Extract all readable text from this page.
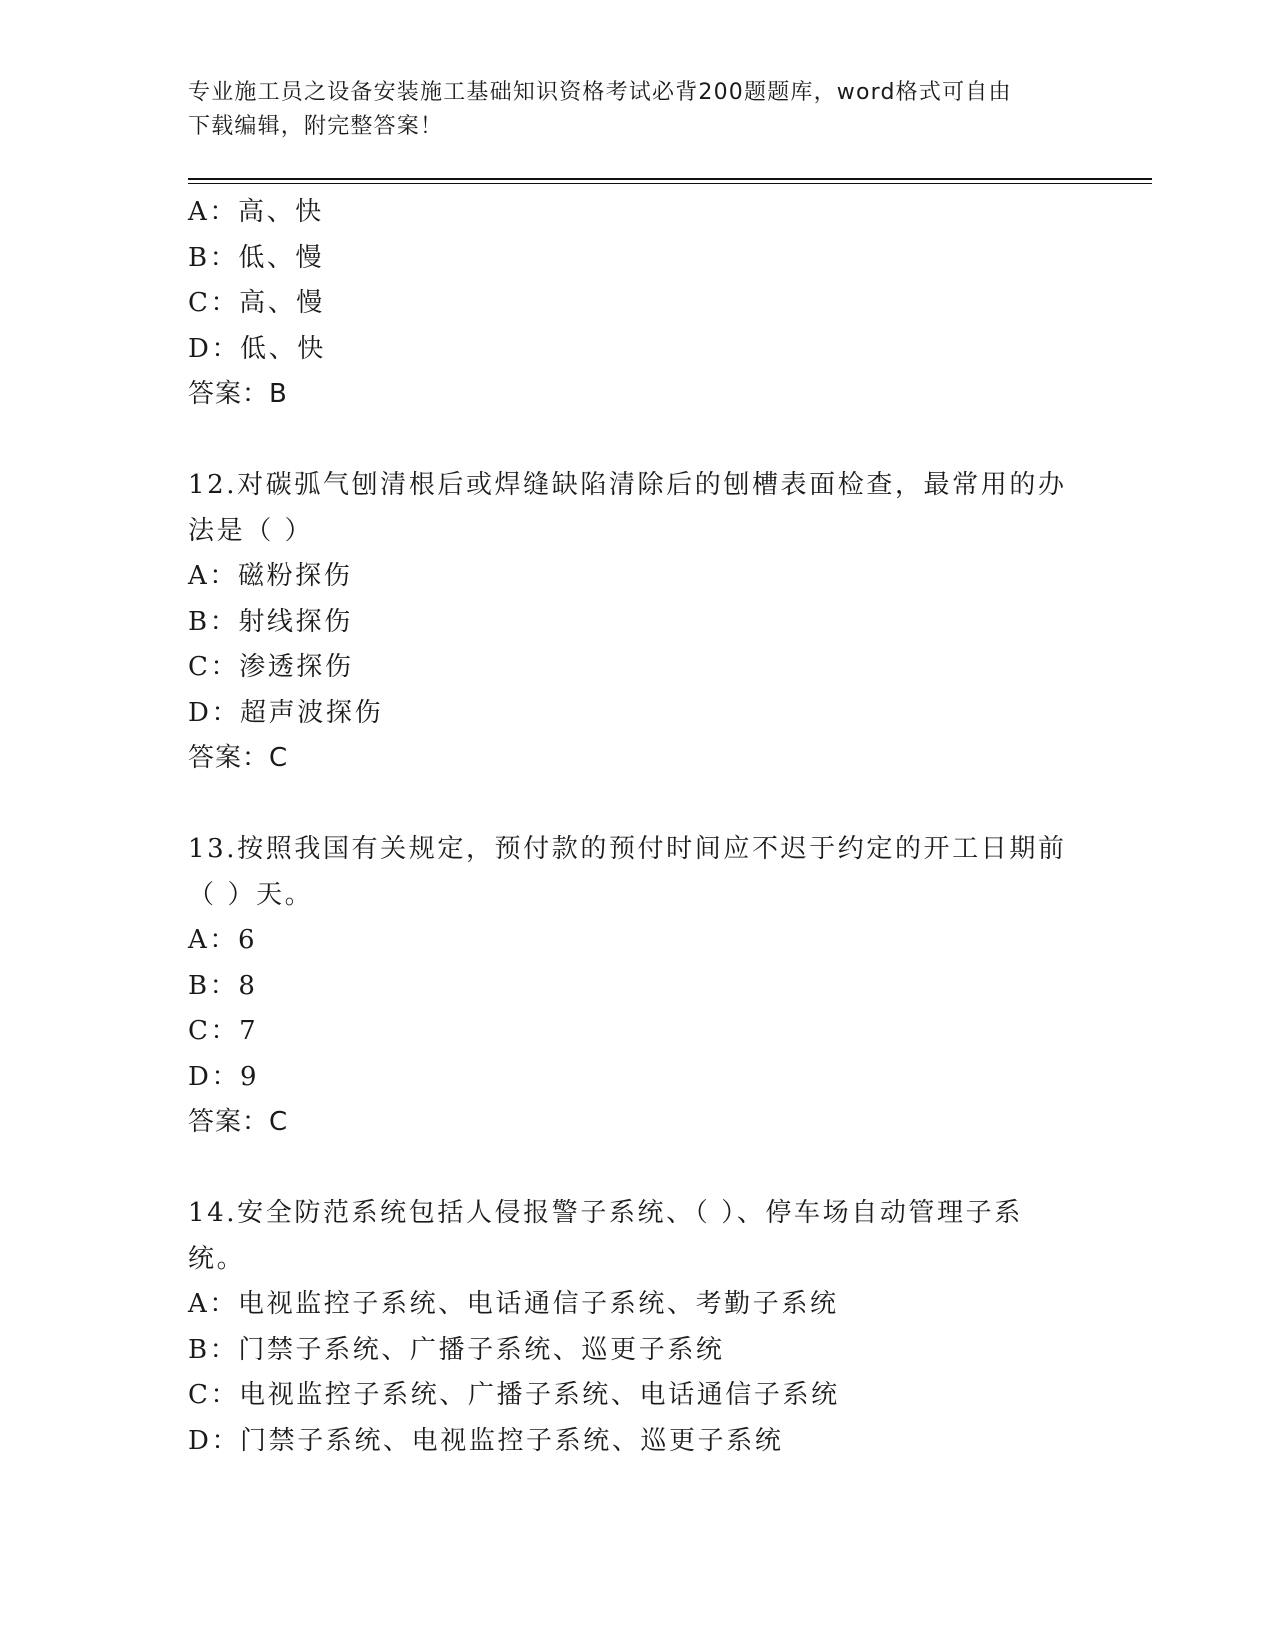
专业施工员之设备安装施工基础知识资格考试必背200题题库，word格式可自由
下载编辑，附完整答案！
A：高、快
B：低、慢
C：高、慢
D：低、快
答案：B
12.对碳弧气刨清根后或焊缝缺陷清除后的刨槽表面检查，最常用的办
法是（ ）
A：磁粉探伤
B：射线探伤
C：渗透探伤
D：超声波探伤
答案：C
13.按照我国有关规定，预付款的预付时间应不迟于约定的开工日期前
（ ）天。
A：6
B：8
C：7
D：9
答案：C
14.安全防范系统包括人侵报警子系统、（ ）、停车场自动管理子系
统。
A：电视监控子系统、电话通信子系统、考勤子系统
B：门禁子系统、广播子系统、巡更子系统
C：电视监控子系统、广播子系统、电话通信子系统
D：门禁子系统、电视监控子系统、巡更子系统
